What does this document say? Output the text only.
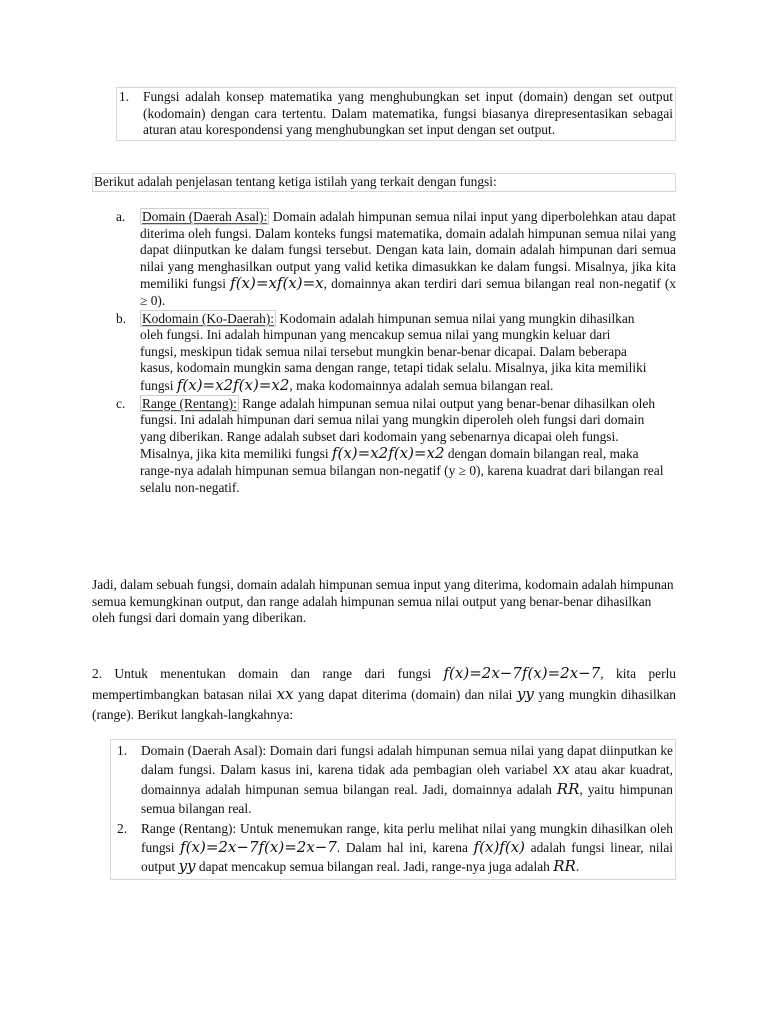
1. Fungsi adalah konsep matematika yang menghubungkan set input (domain) dengan set output (kodomain) dengan cara tertentu. Dalam matematika, fungsi biasanya direpresentasikan sebagai aturan atau korespondensi yang menghubungkan set input dengan set output.

Berikut adalah penjelasan tentang ketiga istilah yang terkait dengan fungsi:

a. Domain (Daerah Asal): Domain adalah himpunan semua nilai input yang diperbolehkan atau dapat diterima oleh fungsi. Dalam konteks fungsi matematika, domain adalah himpunan semua nilai yang dapat diinputkan ke dalam fungsi tersebut. Dengan kata lain, domain adalah himpunan dari semua nilai yang menghasilkan output yang valid ketika dimasukkan ke dalam fungsi. Misalnya, jika kita memiliki fungsi f(x)=xf(x)=x, domainnya akan terdiri dari semua bilangan real non-negatif (x ≥ 0).

b. Kodomain (Ko-Daerah): Kodomain adalah himpunan semua nilai yang mungkin dihasilkan oleh fungsi. Ini adalah himpunan yang mencakup semua nilai yang mungkin keluar dari fungsi, meskipun tidak semua nilai tersebut mungkin benar-benar dicapai. Dalam beberapa kasus, kodomain mungkin sama dengan range, tetapi tidak selalu. Misalnya, jika kita memiliki fungsi f(x)=x2f(x)=x2, maka kodomainnya adalah semua bilangan real.

c. Range (Rentang): Range adalah himpunan semua nilai output yang benar-benar dihasilkan oleh fungsi. Ini adalah himpunan dari semua nilai yang mungkin diperoleh oleh fungsi dari domain yang diberikan. Range adalah subset dari kodomain yang sebenarnya dicapai oleh fungsi. Misalnya, jika kita memiliki fungsi f(x)=x2f(x)=x2 dengan domain bilangan real, maka range-nya adalah himpunan semua bilangan non-negatif (y ≥ 0), karena kuadrat dari bilangan real selalu non-negatif.

Jadi, dalam sebuah fungsi, domain adalah himpunan semua input yang diterima, kodomain adalah himpunan semua kemungkinan output, dan range adalah himpunan semua nilai output yang benar-benar dihasilkan oleh fungsi dari domain yang diberikan.

2. Untuk menentukan domain dan range dari fungsi f(x)=2x−7f(x)=2x−7, kita perlu mempertimbangkan batasan nilai xx yang dapat diterima (domain) dan nilai yy yang mungkin dihasilkan (range). Berikut langkah-langkahnya:

1. Domain (Daerah Asal): Domain dari fungsi adalah himpunan semua nilai yang dapat diinputkan ke dalam fungsi. Dalam kasus ini, karena tidak ada pembagian oleh variabel xx atau akar kuadrat, domainnya adalah himpunan semua bilangan real. Jadi, domainnya adalah RR, yaitu himpunan semua bilangan real.

2. Range (Rentang): Untuk menemukan range, kita perlu melihat nilai yang mungkin dihasilkan oleh fungsi f(x)=2x−7f(x)=2x−7. Dalam hal ini, karena f(x)f(x) adalah fungsi linear, nilai output yy dapat mencakup semua bilangan real. Jadi, range-nya juga adalah RR.
